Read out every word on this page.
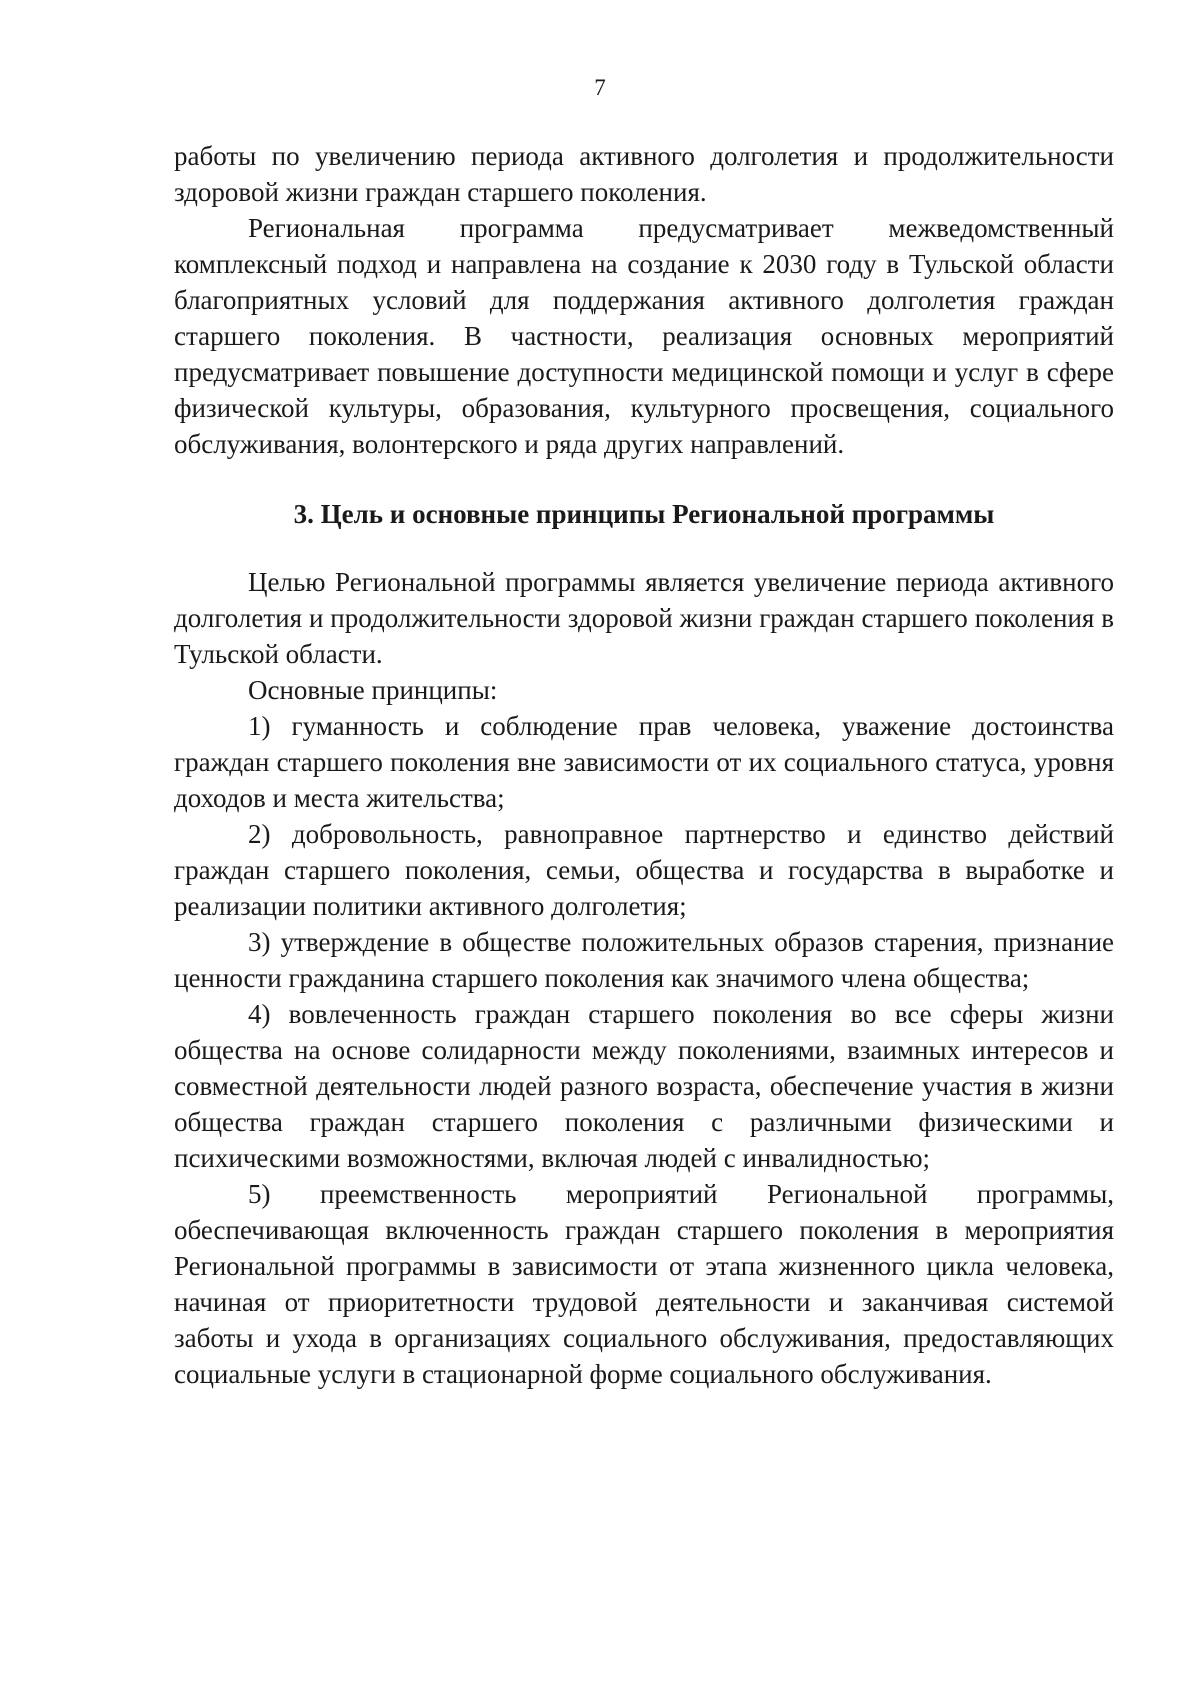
7

работы по увеличению периода активного долголетия и продолжительности здоровой жизни граждан старшего поколения.

Региональная программа предусматривает межведомственный комплексный подход и направлена на создание к 2030 году в Тульской области благоприятных условий для поддержания активного долголетия граждан старшего поколения. В частности, реализация основных мероприятий предусматривает повышение доступности медицинской помощи и услуг в сфере физической культуры, образования, культурного просвещения, социального обслуживания, волонтерского и ряда других направлений.

3. Цель и основные принципы Региональной программы

Целью Региональной программы является увеличение периода активного долголетия и продолжительности здоровой жизни граждан старшего поколения в Тульской области.

Основные принципы:

1) гуманность и соблюдение прав человека, уважение достоинства граждан старшего поколения вне зависимости от их социального статуса, уровня доходов и места жительства;

2) добровольность, равноправное партнерство и единство действий граждан старшего поколения, семьи, общества и государства в выработке и реализации политики активного долголетия;

3) утверждение в обществе положительных образов старения, признание ценности гражданина старшего поколения как значимого члена общества;

4) вовлеченность граждан старшего поколения во все сферы жизни общества на основе солидарности между поколениями, взаимных интересов и совместной деятельности людей разного возраста, обеспечение участия в жизни общества граждан старшего поколения с различными физическими и психическими возможностями, включая людей с инвалидностью;

5) преемственность мероприятий Региональной программы, обеспечивающая включенность граждан старшего поколения в мероприятия Региональной программы в зависимости от этапа жизненного цикла человека, начиная от приоритетности трудовой деятельности и заканчивая системой заботы и ухода в организациях социального обслуживания, предоставляющих социальные услуги в стационарной форме социального обслуживания.
